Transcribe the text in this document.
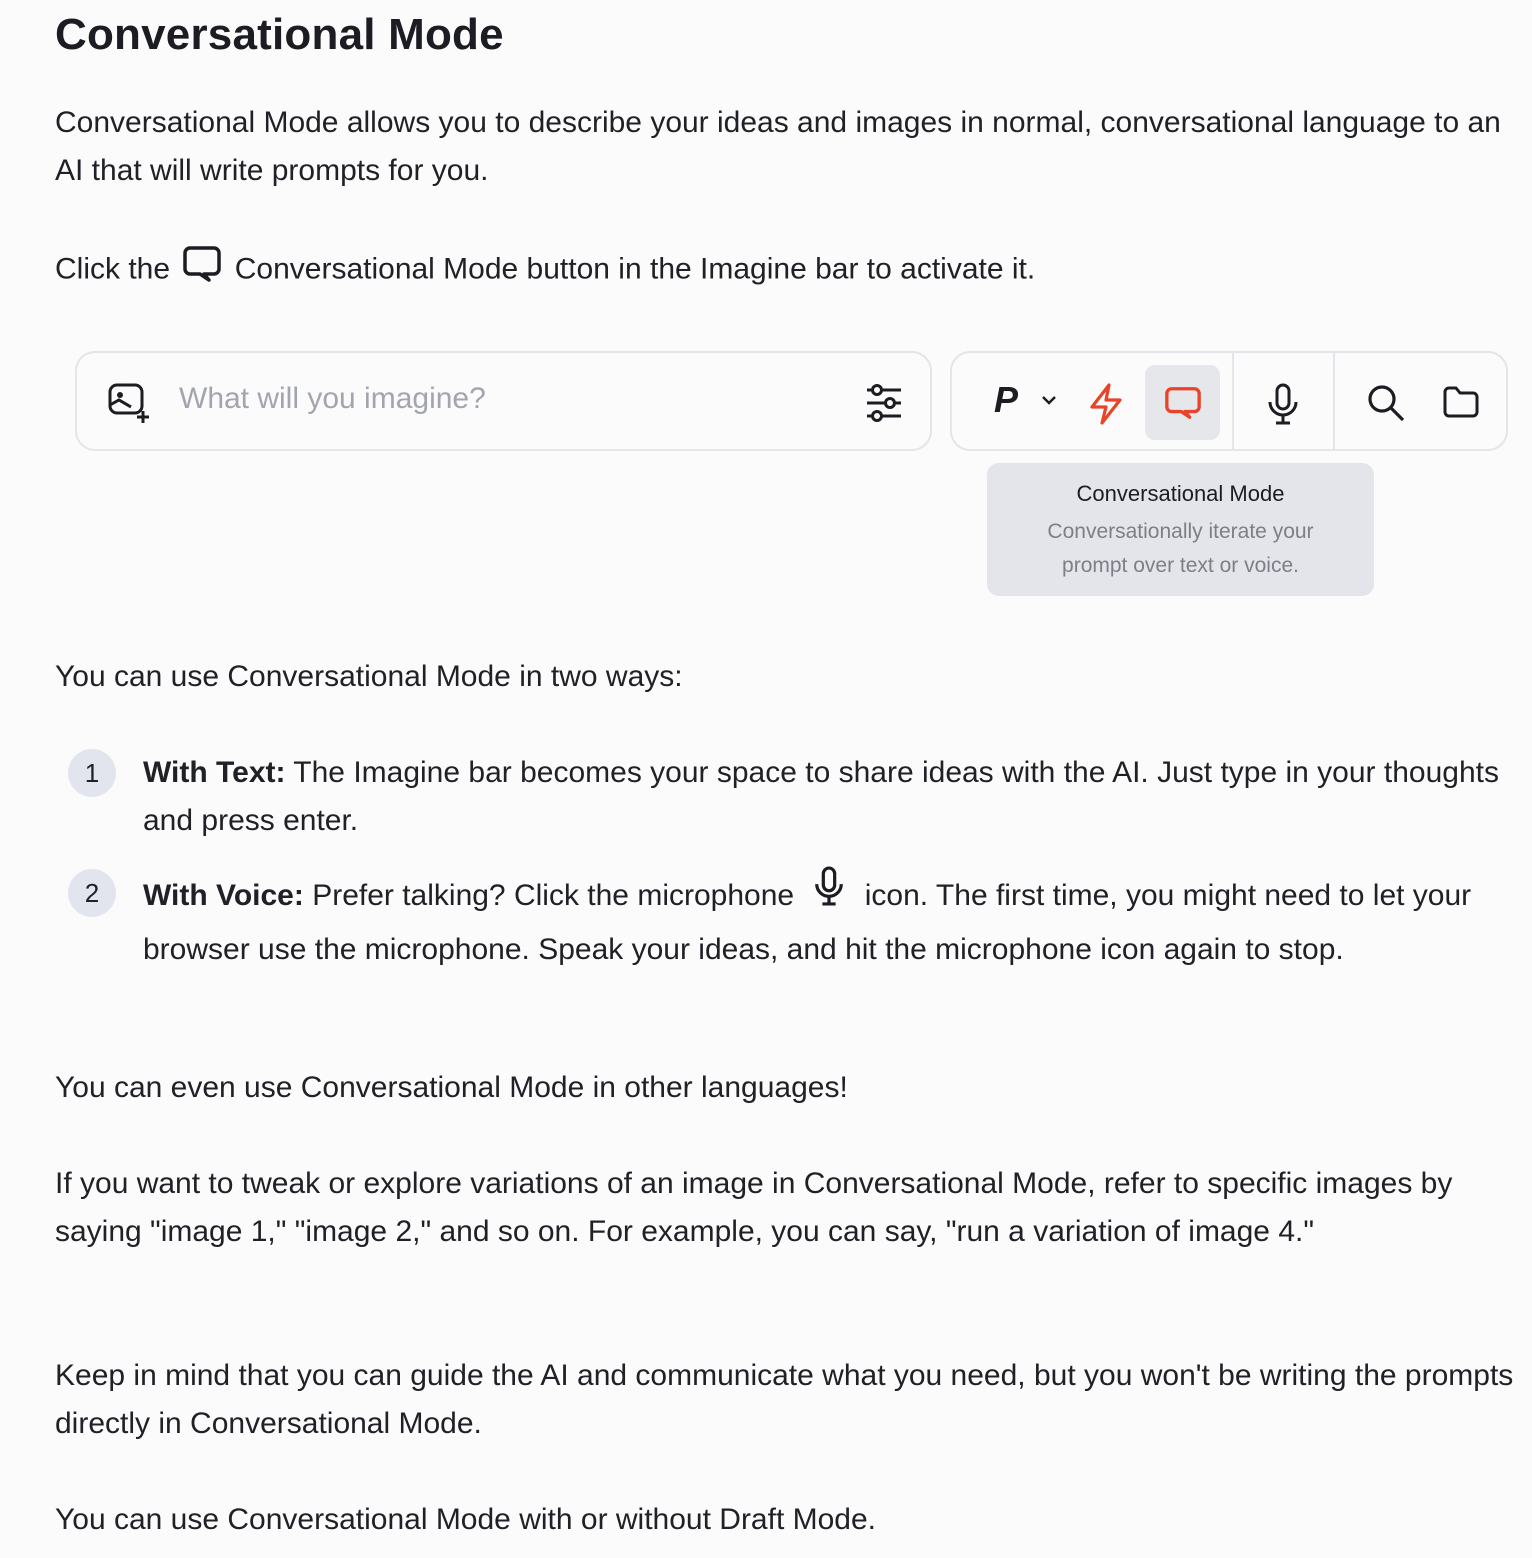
Conversational Mode

Conversational Mode allows you to describe your ideas and images in normal, conversational language to an AI that will write prompts for you.

Click the Conversational Mode button in the Imagine bar to activate it.

What will you imagine?
P
Conversational Mode
Conversationally iterate your prompt over text or voice.

You can use Conversational Mode in two ways:

1	With Text: The Imagine bar becomes your space to share ideas with the AI. Just type in your thoughts and press enter.

2	With Voice: Prefer talking? Click the microphone icon. The first time, you might need to let your browser use the microphone. Speak your ideas, and hit the microphone icon again to stop.

You can even use Conversational Mode in other languages!

If you want to tweak or explore variations of an image in Conversational Mode, refer to specific images by saying "image 1," "image 2," and so on. For example, you can say, "run a variation of image 4."

Keep in mind that you can guide the AI and communicate what you need, but you won't be writing the prompts directly in Conversational Mode.

You can use Conversational Mode with or without Draft Mode.
